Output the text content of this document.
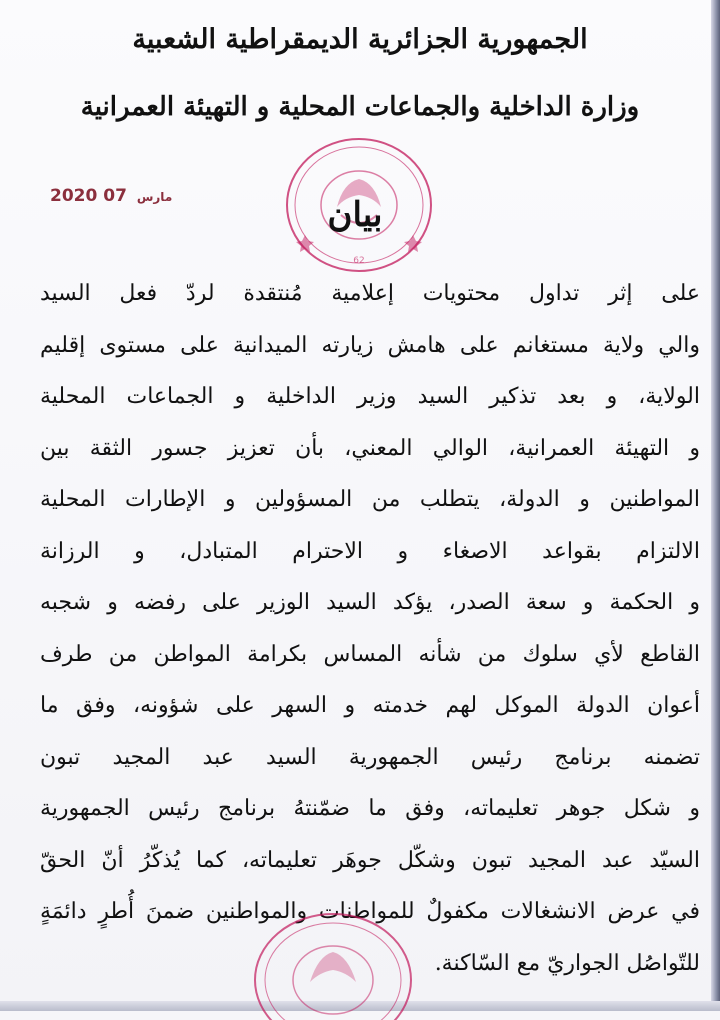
الجمهورية الجزائرية الديمقراطية الشعبية
وزارة الداخلية والجماعات المحلية و التهيئة العمرانية
2020	مارس 07
62
بيان
على إثر تداول محتويات إعلامية مُنتقدة لردّ فعل السيد
والي ولاية مستغانم على هامش زيارته الميدانية على مستوى إقليم
الولاية، و بعد تذكير السيد وزير الداخلية و الجماعات المحلية
و التهيئة العمرانية، الوالي المعني، بأن تعزيز جسور الثقة بين
المواطنين و الدولة، يتطلب من المسؤولين و الإطارات المحلية
الالتزام بقواعد الاصغاء و الاحترام المتبادل، و الرزانة
و الحكمة و سعة الصدر، يؤكد السيد الوزير على رفضه و شجبه
القاطع لأي سلوك من شأنه المساس بكرامة المواطن من طرف
أعوان الدولة الموكل لهم خدمته و السهر على شؤونه، وفق ما
تضمنه برنامج رئيس الجمهورية السيد عبد المجيد تبون
و شكل جوهر تعليماته، وفق ما ضمّنتهُ برنامج رئيس الجمهورية
السيّد عبد المجيد تبون وشكّل جوهَر تعليماته، كما يُذكّرُ أنّ الحقّ
في عرض الانشغالات مكفولٌ للمواطنات والمواطنين ضمنَ أُطرٍ دائمَةٍ
للتّواصُل الجواريّ مع السّاكنة.
